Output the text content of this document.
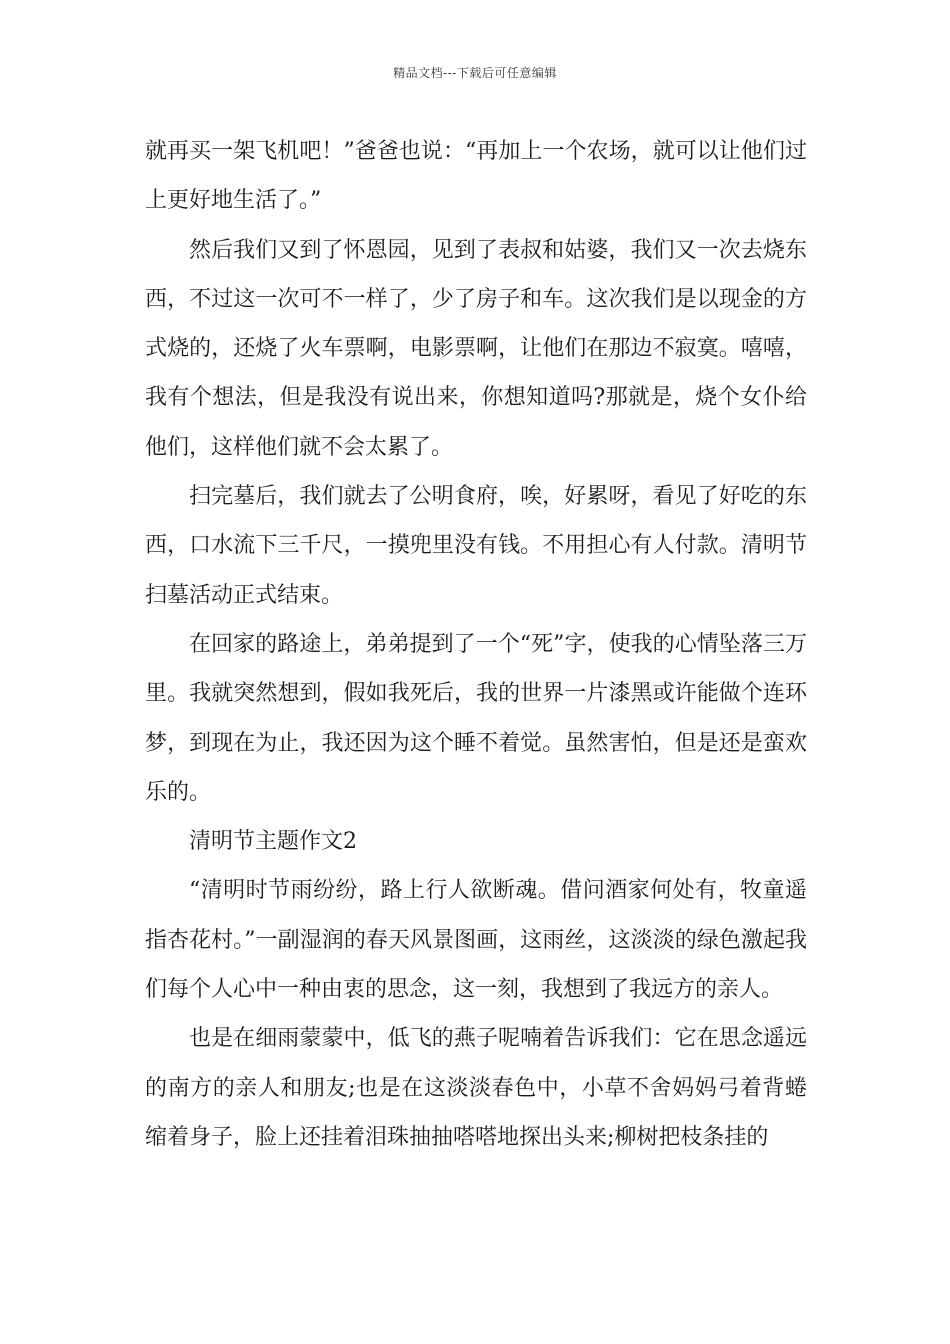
精品文档---下载后可任意编辑

就再买一架飞机吧！”爸爸也说：“再加上一个农场，就可以让他们过上更好地生活了。”

然后我们又到了怀恩园，见到了表叔和姑婆，我们又一次去烧东西，不过这一次可不一样了，少了房子和车。这次我们是以现金的方式烧的，还烧了火车票啊，电影票啊，让他们在那边不寂寞。嘻嘻，我有个想法，但是我没有说出来，你想知道吗?那就是，烧个女仆给他们，这样他们就不会太累了。

扫完墓后，我们就去了公明食府，唉，好累呀，看见了好吃的东西，口水流下三千尺，一摸兜里没有钱。不用担心有人付款。清明节扫墓活动正式结束。

在回家的路途上，弟弟提到了一个“死”字，使我的心情坠落三万里。我就突然想到，假如我死后，我的世界一片漆黑或许能做个连环梦，到现在为止，我还因为这个睡不着觉。虽然害怕，但是还是蛮欢乐的。

清明节主题作文2

“清明时节雨纷纷，路上行人欲断魂。借问酒家何处有，牧童遥指杏花村。”一副湿润的春天风景图画，这雨丝，这淡淡的绿色激起我们每个人心中一种由衷的思念，这一刻，我想到了我远方的亲人。

也是在细雨蒙蒙中，低飞的燕子呢喃着告诉我们：它在思念遥远的南方的亲人和朋友;也是在这淡淡春色中，小草不舍妈妈弓着背蜷缩着身子，脸上还挂着泪珠抽抽嗒嗒地探出头来;柳树把枝条挂的
